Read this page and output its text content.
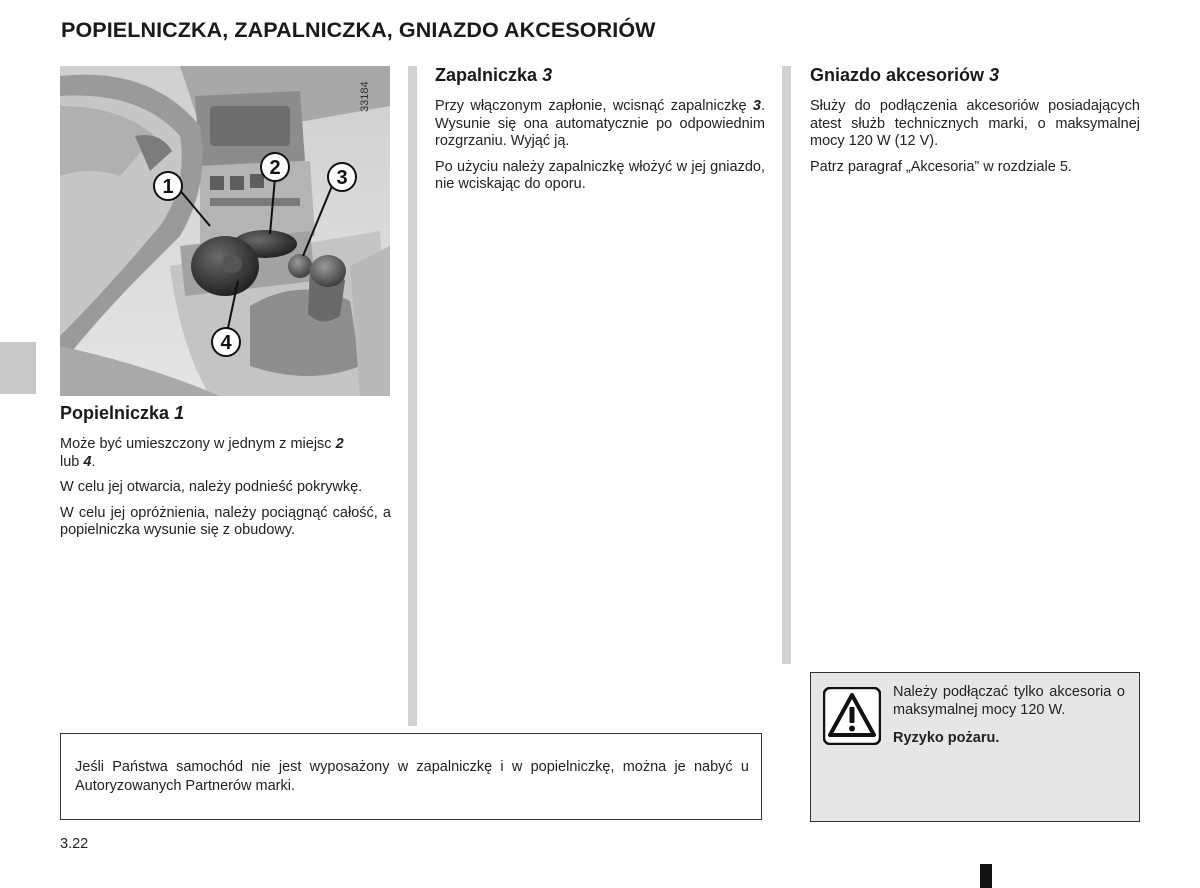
POPIELNICZKA, ZAPALNICZKA, GNIAZDO AKCESORIÓW
1
2	3
4
33184
Popielniczka 1

Może być umieszczony w jednym z miejsc 2
lub 4.

W celu jej otwarcia, należy podnieść pokrywkę.

W celu jej opróżnienia, należy pociągnąć całość, a popielniczka wysunie się z obudowy.

Zapalniczka 3

Przy włączonym zapłonie, wcisnąć zapalniczkę 3. Wysunie się ona automatycznie po odpowiednim rozgrzaniu. Wyjąć ją.

Po użyciu należy zapalniczkę włożyć w jej gniazdo, nie wciskając do oporu.

Gniazdo akcesoriów 3

Służy do podłączenia akcesoriów posiadających atest służb technicznych marki, o maksymalnej mocy 120 W (12 V).

Patrz paragraf „Akcesoria” w rozdziale 5.

Jeśli Państwa samochód nie jest wyposażony w zapalniczkę i w popielniczkę, można je nabyć u Autoryzowanych Partnerów marki.

Należy podłączać tylko akcesoria o maksymalnej mocy 120 W.

Ryzyko pożaru.

3.22
